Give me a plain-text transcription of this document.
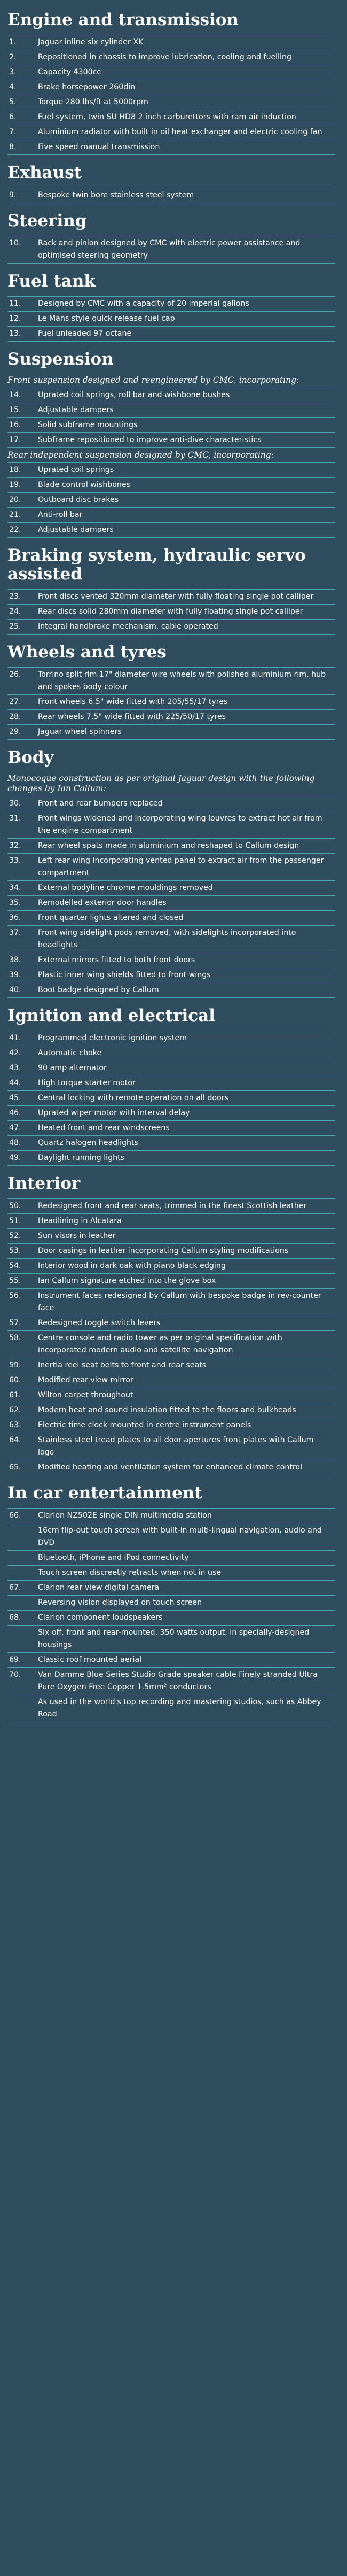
Engine and transmission
1.	Jaguar inline six cylinder XK
2.	Repositioned in chassis to improve lubrication, cooling and fuelling
3.	Capacity 4300cc
4.	Brake horsepower 260din
5.	Torque 280 lbs/ft at 5000rpm
6.	Fuel system, twin SU HD8 2 inch carburettors with ram air induction
7.	Aluminium radiator with built in oil heat exchanger and electric cooling fan
8.	Five speed manual transmission
Exhaust
9.	Bespoke twin bore stainless steel system
Steering
10.	Rack and pinion designed by CMC with electric power assistance and optimised steering geometry
Fuel tank
11.	Designed by CMC with a capacity of 20 imperial gallons
12.	Le Mans style quick release fuel cap
13.	Fuel unleaded 97 octane
Suspension
Front suspension designed and reengineered by CMC, incorporating:
14.	Uprated coil springs, roll bar and wishbone bushes
15.	Adjustable dampers
16.	Solid subframe mountings
17.	Subframe repositioned to improve anti-dive characteristics
Rear independent suspension designed by CMC, incorporating:
18.	Uprated coil springs
19.	Blade control wishbones
20.	Outboard disc brakes
21.	Anti-roll bar
22.	Adjustable dampers
Braking system, hydraulic servo assisted
23.	Front discs vented 320mm diameter with fully floating single pot calliper
24.	Rear discs solid 280mm diameter with fully floating single pot calliper
25.	Integral handbrake mechanism, cable operated
Wheels and tyres
26.	Torrino split rim 17" diameter wire wheels with polished aluminium rim, hub and spokes body colour
27.	Front wheels 6.5" wide fitted with 205/55/17 tyres
28.	Rear wheels 7.5" wide fitted with 225/50/17 tyres
29.	Jaguar wheel spinners
Body
Monocoque construction as per original Jaguar design with the following changes by Ian Callum:
30.	Front and rear bumpers replaced
31.	Front wings widened and incorporating wing louvres to extract hot air from the engine compartment
32.	Rear wheel spats made in aluminium and reshaped to Callum design
33.	Left rear wing incorporating vented panel to extract air from the passenger compartment
34.	External bodyline chrome mouldings removed
35.	Remodelled exterior door handles
36.	Front quarter lights altered and closed
37.	Front wing sidelight pods removed, with sidelights incorporated into headlights
38.	External mirrors fitted to both front doors
39.	Plastic inner wing shields fitted to front wings
40.	Boot badge designed by Callum
Ignition and electrical
41.	Programmed electronic ignition system
42.	Automatic choke
43.	90 amp alternator
44.	High torque starter motor
45.	Central locking with remote operation on all doors
46.	Uprated wiper motor with interval delay
47.	Heated front and rear windscreens
48.	Quartz halogen headlights
49.	Daylight running lights
Interior
50.	Redesigned front and rear seats, trimmed in the finest Scottish leather
51.	Headlining in Alcatara
52.	Sun visors in leather
53.	Door casings in leather incorporating Callum styling modifications
54.	Interior wood in dark oak with piano black edging
55.	Ian Callum signature etched into the glove box
56.	Instrument faces redesigned by Callum with bespoke badge in rev-counter face
57.	Redesigned toggle switch levers
58.	Centre console and radio tower as per original specification with incorporated modern audio and satellite navigation
59.	Inertia reel seat belts to front and rear seats
60.	Modified rear view mirror
61.	Wilton carpet throughout
62.	Modern heat and sound insulation fitted to the floors and bulkheads
63.	Electric time clock mounted in centre instrument panels
64.	Stainless steel tread plates to all door apertures front plates with Callum logo
65.	Modified heating and ventilation system for enhanced climate control
In car entertainment
66.	Clarion NZ502E single DIN multimedia station
16cm flip-out touch screen with built-in multi-lingual navigation, audio and DVD
Bluetooth, iPhone and iPod connectivity
Touch screen discreetly retracts when not in use
67.	Clarion rear view digital camera
Reversing vision displayed on touch screen
68.	Clarion component loudspeakers
Six off, front and rear-mounted, 350 watts output, in specially-designed housings
69.	Classic roof mounted aerial
70.	Van Damme Blue Series Studio Grade speaker cable Finely stranded Ultra Pure Oxygen Free Copper 1.5mm² conductors
As used in the world's top recording and mastering studios, such as Abbey Road
